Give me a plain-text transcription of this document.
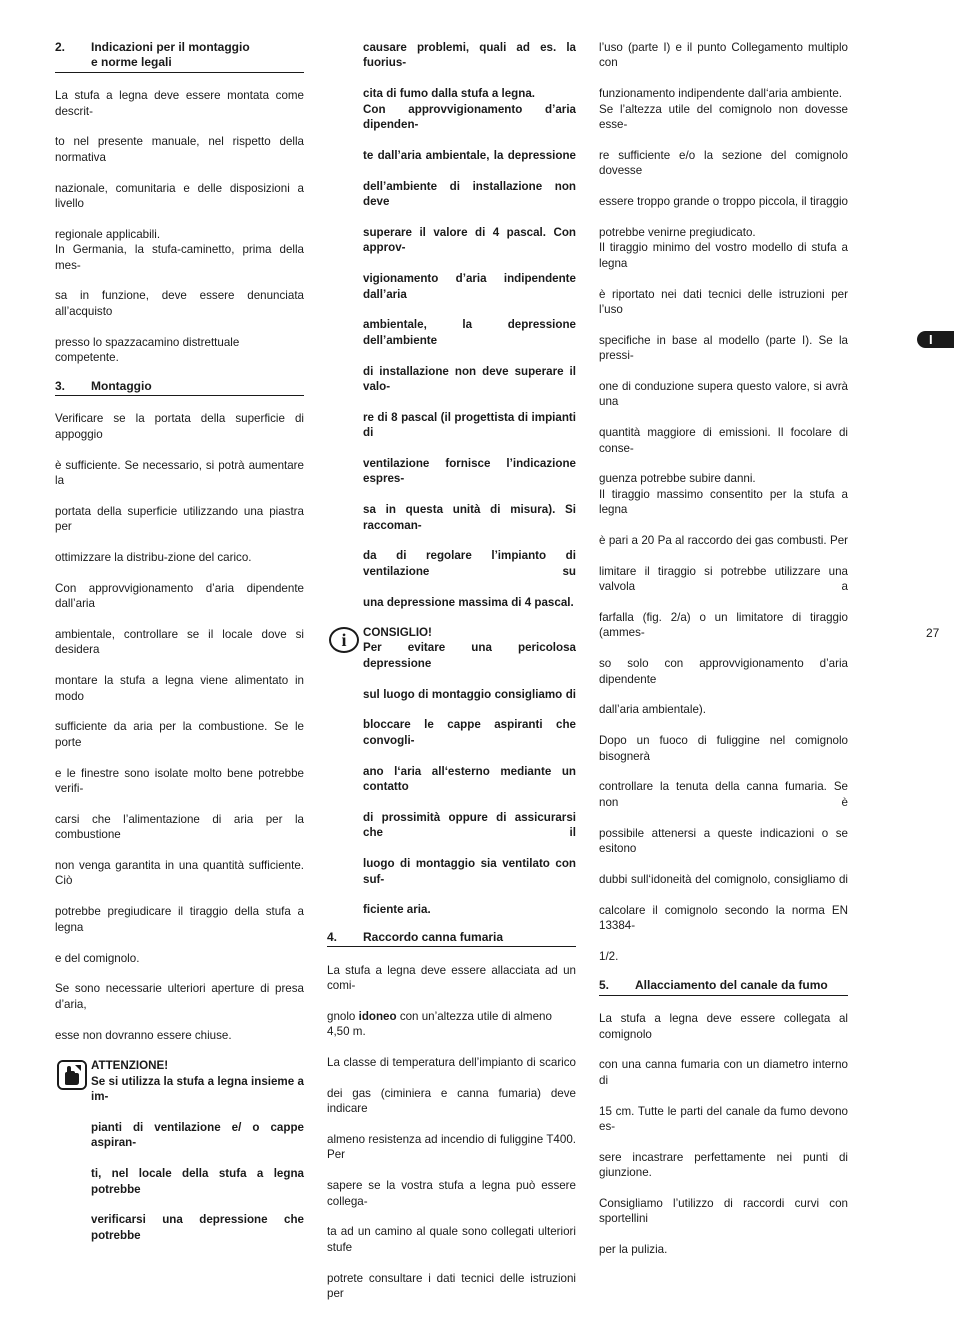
2.	Indicazioni per il montaggio
e norme legali

La stufa a legna deve essere montata come descrit-

to nel presente manuale, nel rispetto della normativa

nazionale, comunitaria e delle disposizioni a livello

regionale applicabili.

In Germania, la stufa-caminetto, prima della mes-

sa in funzione, deve essere denunciata all’acquisto

presso lo spazzacamino distrettuale competente.
3.	Montaggio

Verificare se la portata della superficie di appoggio

è sufficiente. Se necessario, si potrà aumentare la

portata della superficie utilizzando una piastra per

ottimizzare la distribu-zione del carico.

Con approvvigionamento d’aria dipendente dall’aria

ambientale, controllare se il locale dove si desidera

montare la stufa a legna viene alimentato in modo

sufficiente da aria per la combustione. Se le porte

e le finestre sono isolate molto bene potrebbe verifi-

carsi che l’alimentazione di aria per la combustione

non venga garantita in una quantità sufficiente. Ciò

potrebbe pregiudicare il tiraggio della stufa a legna

e del comignolo.

Se sono necessarie ulteriori aperture di presa d’aria,

esse non dovranno essere chiuse.
ATTENZIONE!

Se si utilizza la stufa a legna insieme a im-

pianti di ventilazione e/ o cappe aspiran-

ti, nel locale della stufa a legna potrebbe

verificarsi una depressione che potrebbe

causare problemi, quali ad es. la fuorius-

cita di fumo dalla stufa a legna.

Con approvvigionamento d’aria dipenden-

te dall’aria ambientale, la depressione

dell’ambiente di installazione non deve

superare il valore di 4 pascal. Con approv-

vigionamento d’aria indipendente dall’aria

ambientale, la depressione dell’ambiente

di installazione non deve superare il valo-

re di 8 pascal (il progettista di impianti di

ventilazione fornisce l’indicazione espres-

sa in questa unità di misura). Si raccoman-

da di regolare l’impianto di ventilazione su

una depressione massima di 4 pascal.
i	CONSIGLIO!

Per evitare una pericolosa depressione

sul luogo di montaggio consigliamo di

bloccare le cappe aspiranti che convogli-

ano l‘aria all‘esterno mediante un contatto

di prossimità oppure di assicurarsi che il

luogo di montaggio sia ventilato con suf-

ficiente aria.
4.	Raccordo canna fumaria

La stufa a legna deve essere allacciata ad un comi-

gnolo idoneo con un’altezza utile di almeno 4,50 m.

La classe di temperatura dell’impianto di scarico

dei gas (ciminiera e canna fumaria) deve indicare

almeno resistenza ad incendio di fuliggine T400. Per

sapere se la vostra stufa a legna può essere collega-

ta ad un camino al quale sono collegati ulteriori stufe

potrete consultare i dati tecnici delle istruzioni per

l’uso (parte I) e il punto Collegamento multiplo con

funzionamento indipendente dall‘aria ambiente.

Se l’altezza utile del comignolo non dovesse esse-

re sufficiente e/o la sezione del comignolo dovesse

essere troppo grande o troppo piccola, il tiraggio

potrebbe venirne pregiudicato.

Il tiraggio minimo del vostro modello di stufa a legna

è riportato nei dati tecnici delle istruzioni per l’uso

specifiche in base al modello (parte I). Se la pressi-

one di conduzione supera questo valore, si avrà una

quantità maggiore di emissioni. Il focolare di conse-

guenza potrebbe subire danni.

Il tiraggio massimo consentito per la stufa a legna

è pari a 20 Pa al raccordo dei gas combusti. Per

limitare il tiraggio si potrebbe utilizzare una valvola a

farfalla (fig. 2/a) o un limitatore di tiraggio (ammes-

so solo con approvvigionamento d’aria dipendente

dall’aria ambientale).

Dopo un fuoco di fuliggine nel comignolo bisognerà

controllare la tenuta della canna fumaria. Se non è

possibile attenersi a queste indicazioni o se esitono

dubbi sull‘idoneità del comignolo, consigliamo di

calcolare il comignolo secondo la norma EN 13384-

1/2.
5.	Allacciamento del canale da fumo

La stufa a legna deve essere collegata al comignolo

con una canna fumaria con un diametro interno di

15 cm. Tutte le parti del canale da fumo devono es-

sere incastrare perfettamente nei punti di giunzione.

Consigliamo l’utilizzo di raccordi curvi con sportellini

per la pulizia.
I
27
